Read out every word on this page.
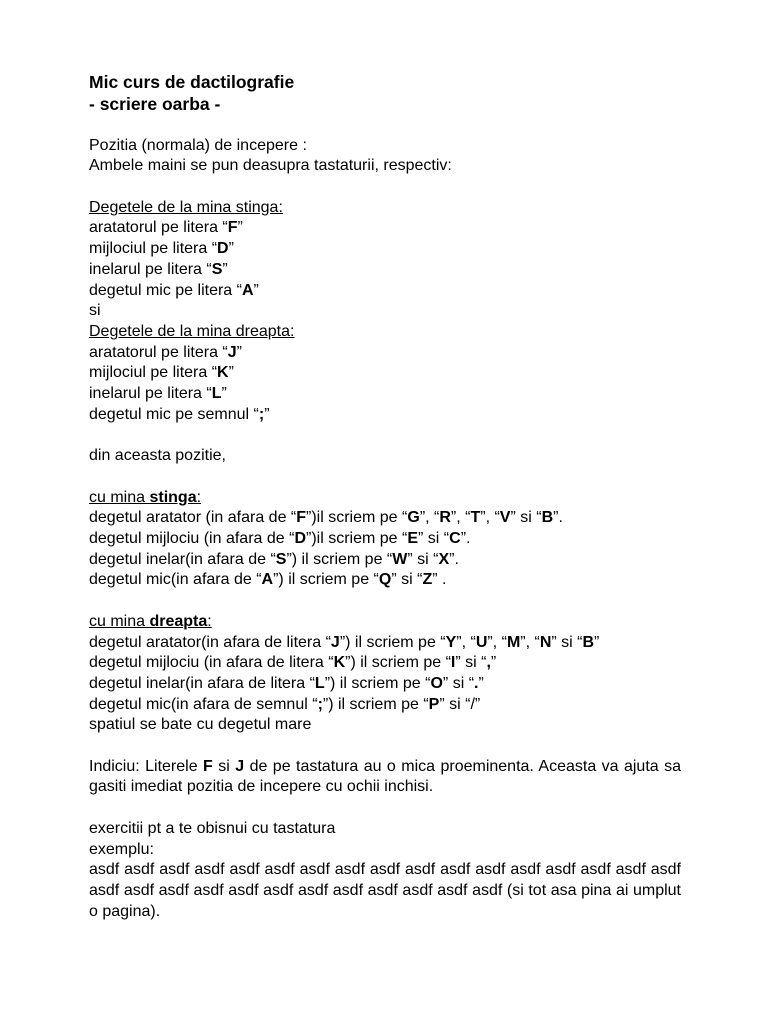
Mic curs de dactilografie
- scriere oarba -
Pozitia (normala) de incepere :
Ambele maini se pun deasupra tastaturii, respectiv:
Degetele de la mina stinga:
aratatorul pe litera “F”
mijlociul pe litera “D”
inelarul pe litera “S”
degetul mic pe litera “A”
si
Degetele de la mina dreapta:
aratatorul pe litera “J”
mijlociul pe litera “K”
inelarul pe litera “L”
degetul mic pe semnul “;”
din aceasta pozitie,
cu mina stinga:
degetul aratator (in afara de “F”)il scriem pe “G”, “R”, “T”, “V” si “B”.
degetul mijlociu (in afara de “D”)il scriem pe “E” si “C”.
degetul inelar(in afara de “S”) il scriem pe “W” si “X”.
degetul mic(in afara de “A”) il scriem pe “Q” si “Z” .
cu mina dreapta:
degetul aratator(in afara de litera “J”) il scriem pe “Y”, “U”, “M”, “N” si “B”
degetul mijlociu (in afara de litera “K”) il scriem pe “I” si “,”
degetul inelar(in afara de litera “L”) il scriem pe “O” si “.”
degetul mic(in afara de semnul “;”) il scriem pe “P” si “/”
spatiul se bate cu degetul mare
Indiciu: Literele F si J de pe tastatura au o mica proeminenta. Aceasta va ajuta sa gasiti imediat pozitia de incepere cu ochii inchisi.
exercitii pt a te obisnui cu tastatura
exemplu:
asdf asdf asdf asdf asdf asdf asdf asdf asdf asdf asdf asdf asdf asdf asdf asdf asdf asdf asdf asdf asdf asdf asdf asdf asdf asdf asdf asdf asdf (si tot asa pina ai umplut o pagina).
